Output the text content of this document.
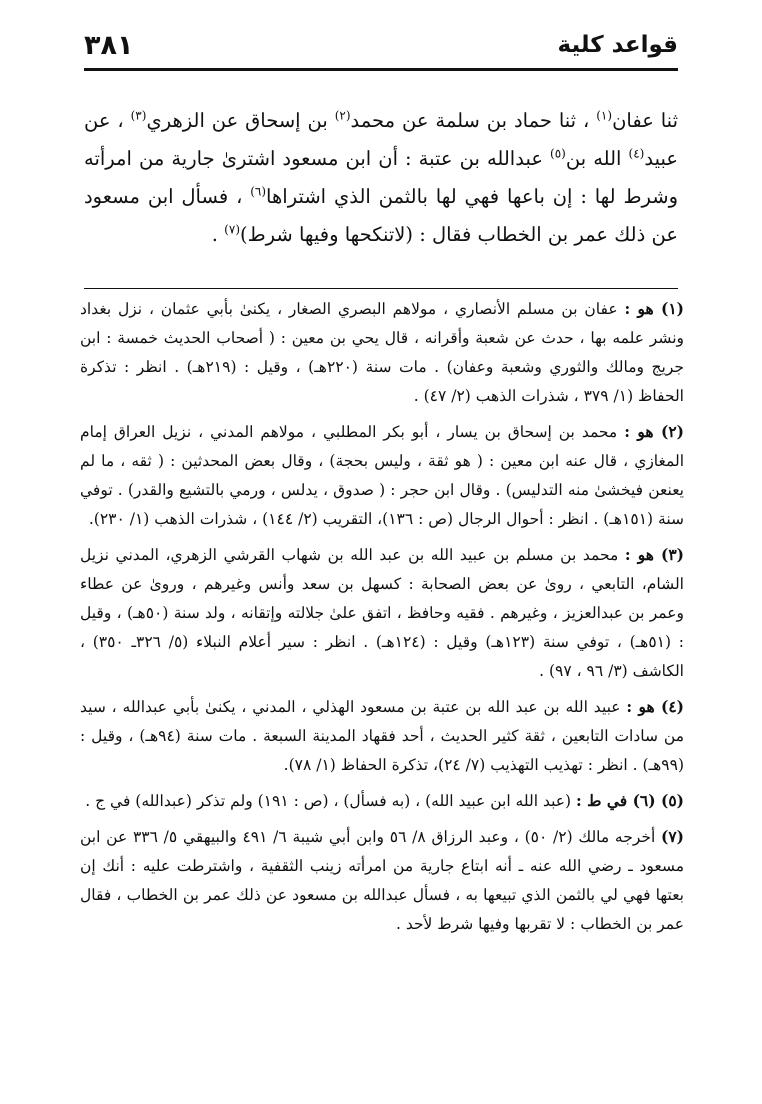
قواعد كلية
٣٨١

ثنا عفان$^{(١)}$ ، ثنا حماد بن سلمة عن محمد$^{(٢)}$ بن إسحاق عن الزهري$^{(٣)}$ ، عن عبيد$^{(٤)}$ الله بن$^{(٥)}$ عبدالله بن عتبة : أن ابن مسعود اشترىٰ جارية من امرأته وشرط لها : إن باعها فهي لها بالثمن الذي اشتراها$^{(٦)}$ ، فسأل ابن مسعود عن ذلك عمر بن الخطاب فقال : (لاتنكحها وفيها شرط)$^{(٧)}$ .

(١) هو : عفان بن مسلم الأنصاري ، مولاهم البصري الصغار ، يكنىٰ بأبي عثمان ، نزل بغداد ونشر علمه بها ، حدث عن شعبة وأقرانه ، قال يحي بن معين : ( أصحاب الحديث خمسة : ابن جريج ومالك والثوري وشعبة وعفان) . مات سنة (٢٢٠هـ) ، وقيل : (٢١٩هـ) . انظر : تذكرة الحفاظ (١/ ٣٧٩ ، شذرات الذهب (٢/ ٤٧) .

(٢) هو : محمد بن إسحاق بن يسار ، أبو بكر المطلبي ، مولاهم المدني ، نزيل العراق إمام المغازي ، قال عنه ابن معين : ( هو ثقة ، وليس بحجة) ، وقال بعض المحدثين : ( ثقه ، ما لم يعنعن فيخشىٰ منه التدليس) . وقال ابن حجر : ( صدوق ، يدلس ، ورمي بالتشيع والقدر) . توفي سنة (١٥١هـ) . انظر : أحوال الرجال (ص : ١٣٦)، التقريب (٢/ ١٤٤) ، شذرات الذهب (١/ ٢٣٠).

(٣) هو : محمد بن مسلم بن عبيد الله بن عبد الله بن شهاب القرشي الزهري، المدني نزيل الشام، التابعي ، روىٰ عن بعض الصحابة : كسهل بن سعد وأنس وغيرهم ، وروىٰ عن عطاء وعمر بن عبدالعزيز ، وغيرهم . فقيه وحافظ ، اتفق علىٰ جلالته وإتقانه ، ولد سنة (٥٠هـ) ، وقيل : (٥١هـ) ، توفي سنة (١٢٣هـ) وقيل : (١٢٤هـ) . انظر : سير أعلام النبلاء (٥/ ٣٢٦ـ ٣٥٠) ، الكاشف (٣/ ٩٦ ، ٩٧) .

(٤) هو : عبيد الله بن عبد الله بن عتبة بن مسعود الهذلي ، المدني ، يكنىٰ بأبي عبدالله ، سيد من سادات التابعين ، ثقة كثير الحديث ، أحد فقهاد المدينة السبعة . مات سنة (٩٤هـ) ، وقيل : (٩٩هـ) . انظر : تهذيب التهذيب (٧/ ٢٤)، تذكرة الحفاظ (١/ ٧٨).

(٥) (٦) في ط : (عبد الله ابن عبيد الله) ، (به فسأل) ، (ص : ١٩١) ولم تذكر (عبدالله) في ج .

(٧) أخرجه مالك (٢/ ٥٠) ، وعبد الرزاق ٨/ ٥٦ وابن أبي شيبة ٦/ ٤٩١ والبيهقي ٥/ ٣٣٦ عن ابن مسعود ـ رضي الله عنه ـ أنه ابتاع جارية من امرأته زينب الثقفية ، واشترطت عليه : أنك إن بعتها فهي لي بالثمن الذي تبيعها به ، فسأل عبدالله بن مسعود عن ذلك عمر بن الخطاب ، فقال عمر بن الخطاب : لا تقربها وفيها شرط لأحد .
